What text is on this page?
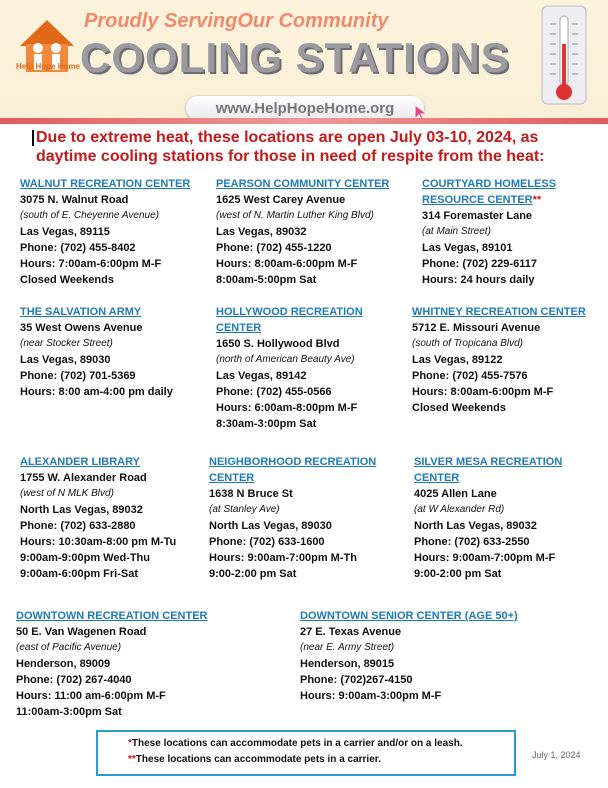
Help Hope Home
Proudly ServingOur Community
COOLING STATIONS
www.HelpHopeHome.org
Due to extreme heat, these locations are open July 03-10, 2024, as daytime cooling stations for those in need of respite from the heat:
WALNUT RECREATION CENTER
3075 N. Walnut Road
(south of E. Cheyenne Avenue)
Las Vegas, 89115
Phone: (702) 455-8402
Hours: 7:00am-6:00pm M-F
Closed Weekends
PEARSON COMMUNITY CENTER
1625 West Carey Avenue
(west of N. Martin Luther King Blvd)
Las Vegas, 89032
Phone: (702) 455-1220
Hours: 8:00am-6:00pm M-F
8:00am-5:00pm Sat
COURTYARD HOMELESS RESOURCE CENTER**
314 Foremaster Lane
(at Main Street)
Las Vegas, 89101
Phone: (702) 229-6117
Hours: 24 hours daily
THE SALVATION ARMY
35 West Owens Avenue
(near Stocker Street)
Las Vegas, 89030
Phone: (702) 701-5369
Hours: 8:00 am-4:00 pm daily
HOLLYWOOD RECREATION CENTER
1650 S. Hollywood Blvd
(north of American Beauty Ave)
Las Vegas, 89142
Phone: (702) 455-0566
Hours: 6:00am-8:00pm M-F
8:30am-3:00pm Sat
WHITNEY RECREATION CENTER
5712 E. Missouri Avenue
(south of Tropicana Blvd)
Las Vegas, 89122
Phone: (702) 455-7576
Hours: 8:00am-6:00pm M-F
Closed Weekends
ALEXANDER LIBRARY
1755 W. Alexander Road
(west of N MLK Blvd)
North Las Vegas, 89032
Phone: (702) 633-2880
Hours: 10:30am-8:00 pm M-Tu
9:00am-9:00pm Wed-Thu
9:00am-6:00pm Fri-Sat
NEIGHBORHOOD RECREATION CENTER
1638 N Bruce St
(at Stanley Ave)
North Las Vegas, 89030
Phone: (702) 633-1600
Hours: 9:00am-7:00pm M-Th
9:00-2:00 pm Sat
SILVER MESA RECREATION CENTER
4025 Allen Lane
(at W Alexander Rd)
North Las Vegas, 89032
Phone: (702) 633-2550
Hours: 9:00am-7:00pm M-F
9:00-2:00 pm Sat
DOWNTOWN RECREATION CENTER
50 E. Van Wagenen Road
(east of Pacific Avenue)
Henderson, 89009
Phone: (702) 267-4040
Hours: 11:00 am-6:00pm M-F
11:00am-3:00pm Sat
DOWNTOWN SENIOR CENTER (AGE 50+)
27 E. Texas Avenue
(near E. Army Street)
Henderson, 89015
Phone: (702)267-4150
Hours: 9:00am-3:00pm M-F
*These locations can accommodate pets in a carrier and/or on a leash.
**These locations can accommodate pets in a carrier.	July 1, 2024
